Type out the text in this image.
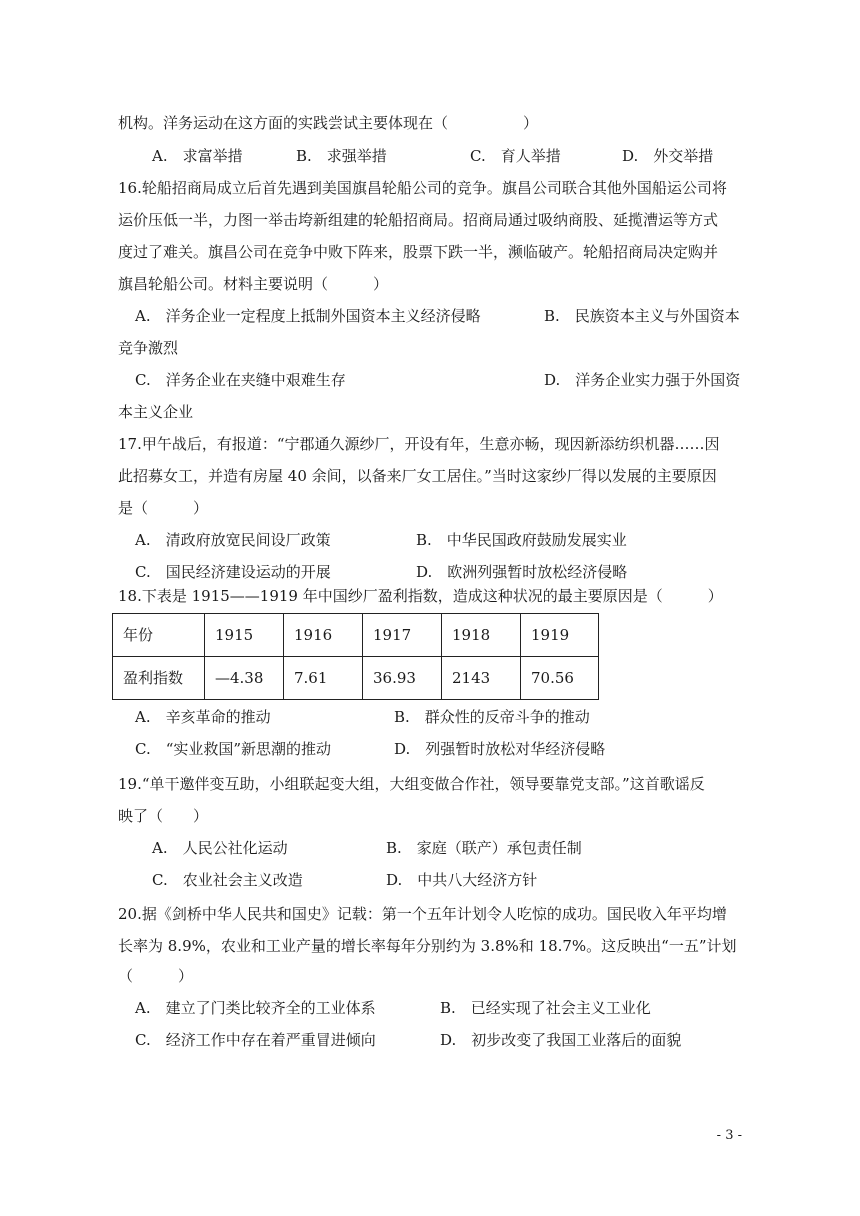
机构。洋务运动在这方面的实践尝试主要体现在（　　　　　）
A.　求富举措	B.　求强举措	C.　育人举措	D.　外交举措
16.轮船招商局成立后首先遇到美国旗昌轮船公司的竞争。旗昌公司联合其他外国船运公司将
运价压低一半，力图一举击垮新组建的轮船招商局。招商局通过吸纳商股、延揽漕运等方式
度过了难关。旗昌公司在竞争中败下阵来，股票下跌一半，濒临破产。轮船招商局决定购并
旗昌轮船公司。材料主要说明（　　　）
A.　洋务企业一定程度上抵制外国资本主义经济侵略	B.　民族资本主义与外国资本
竞争激烈
C.　洋务企业在夹缝中艰难生存	D.　洋务企业实力强于外国资
本主义企业
17.甲午战后，有报道：“宁郡通久源纱厂，开设有年，生意亦畅，现因新添纺织机器……因
此招募女工，并造有房屋 40 余间，以备来厂女工居住。”当时这家纱厂得以发展的主要原因
是（　　　）
A.　清政府放宽民间设厂政策	B.　中华民国政府鼓励发展实业
C.　国民经济建设运动的开展	D.　欧洲列强暂时放松经济侵略
18.下表是 1915——1919 年中国纱厂盈利指数，造成这种状况的最主要原因是（　　　）
年份	1915	1916	1917	1918	1919
盈利指数	—4.38	7.61	36.93	2143	70.56
A.　辛亥革命的推动	B.　群众性的反帝斗争的推动
C.　“实业救国”新思潮的推动	D.　列强暂时放松对华经济侵略
19.“单干邀伴变互助，小组联起变大组，大组变做合作社，领导要靠党支部。”这首歌谣反
映了（　　）
A.　人民公社化运动	B.　家庭（联产）承包责任制
C.　农业社会主义改造	D.　中共八大经济方针
20.据《剑桥中华人民共和国史》记载：第一个五年计划令人吃惊的成功。国民收入年平均增
长率为 8.9%，农业和工业产量的增长率每年分别约为 3.8%和 18.7%。这反映出“一五”计划
（　　　）
A.　建立了门类比较齐全的工业体系	B.　已经实现了社会主义工业化
C.　经济工作中存在着严重冒进倾向	D.　初步改变了我国工业落后的面貌
- 3 -
